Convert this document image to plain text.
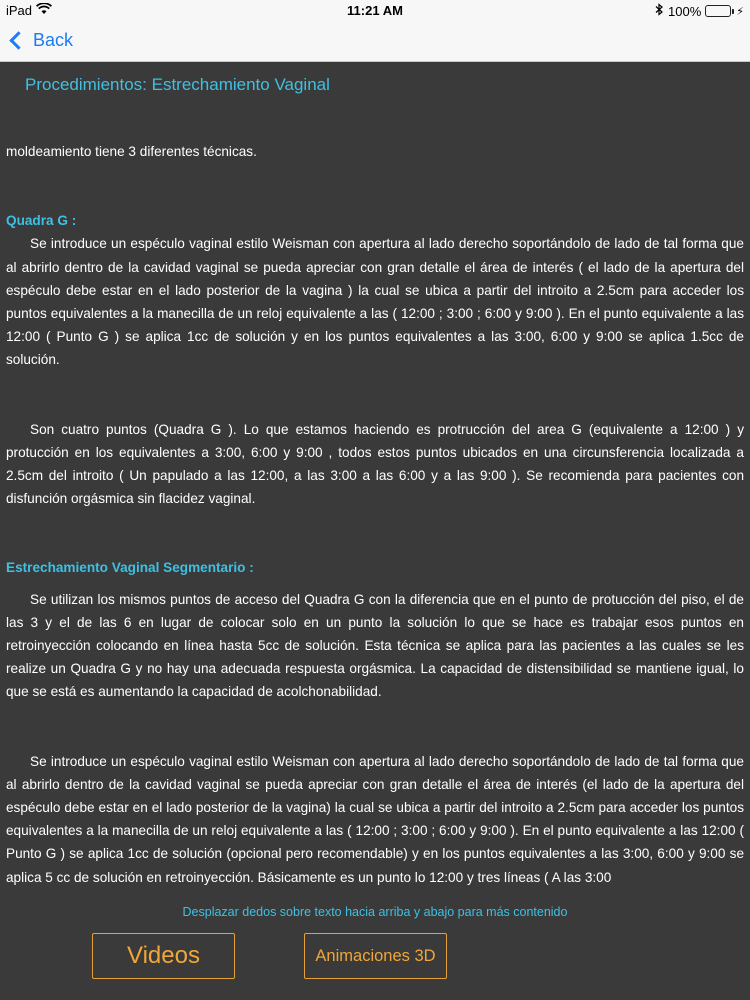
iPad	11:21 AM	100%	⚡
Back
Procedimientos: Estrechamiento Vaginal

moldeamiento tiene 3 diferentes técnicas.

Quadra G :

Se introduce un espéculo vaginal estilo Weisman con apertura al lado derecho soportándolo de lado de tal forma que al abrirlo dentro de la cavidad vaginal se pueda apreciar con gran detalle el área de interés ( el lado de la apertura del espéculo debe estar en el lado posterior de la vagina ) la cual se ubica a partir del introito a 2.5cm para acceder los puntos equivalentes a la manecilla de un reloj equivalente a las ( 12:00 ; 3:00 ; 6:00 y 9:00 ). En el punto equivalente a las 12:00 ( Punto G ) se aplica 1cc de solución y en los puntos equivalentes a las 3:00, 6:00 y 9:00 se aplica 1.5cc de solución.

Son cuatro puntos (Quadra G ). Lo que estamos haciendo es protrucción del area G (equivalente a 12:00 ) y protucción en los equivalentes a 3:00, 6:00 y 9:00 , todos estos puntos ubicados en una circunsferencia localizada a 2.5cm del introito ( Un papulado a las 12:00, a las 3:00 a las 6:00 y a las 9:00 ). Se recomienda para pacientes con disfunción orgásmica sin flacidez vaginal.

Estrechamiento Vaginal Segmentario :

Se utilizan los mismos puntos de acceso del Quadra G con la diferencia que en el punto de protucción del piso, el de las 3 y el de las 6 en lugar de colocar solo en un punto la solución lo que se hace es trabajar esos puntos en retroinyección colocando en línea hasta 5cc de solución. Esta técnica se aplica para las pacientes a las cuales se les realize un Quadra G y no hay una adecuada respuesta orgásmica. La capacidad de distensibilidad se mantiene igual, lo que se está es aumentando la capacidad de acolchonabilidad.

Se introduce un espéculo vaginal estilo Weisman con apertura al lado derecho soportándolo de lado de tal forma que al abrirlo dentro de la cavidad vaginal se pueda apreciar con gran detalle el área de interés (el lado de la apertura del espéculo debe estar en el lado posterior de la vagina) la cual se ubica a partir del introito a 2.5cm para acceder los puntos equivalentes a la manecilla de un reloj equivalente a las ( 12:00 ; 3:00 ; 6:00 y 9:00 ). En el punto equivalente a las 12:00 ( Punto G ) se aplica 1cc de solución (opcional pero recomendable) y en los puntos equivalentes a las 3:00, 6:00 y 9:00 se aplica 5 cc de solución en retroinyección. Básicamente es un punto lo 12:00 y tres líneas ( A las 3:00

Desplazar dedos sobre texto hacia arriba y abajo para más contenido
Videos	Animaciones 3D
